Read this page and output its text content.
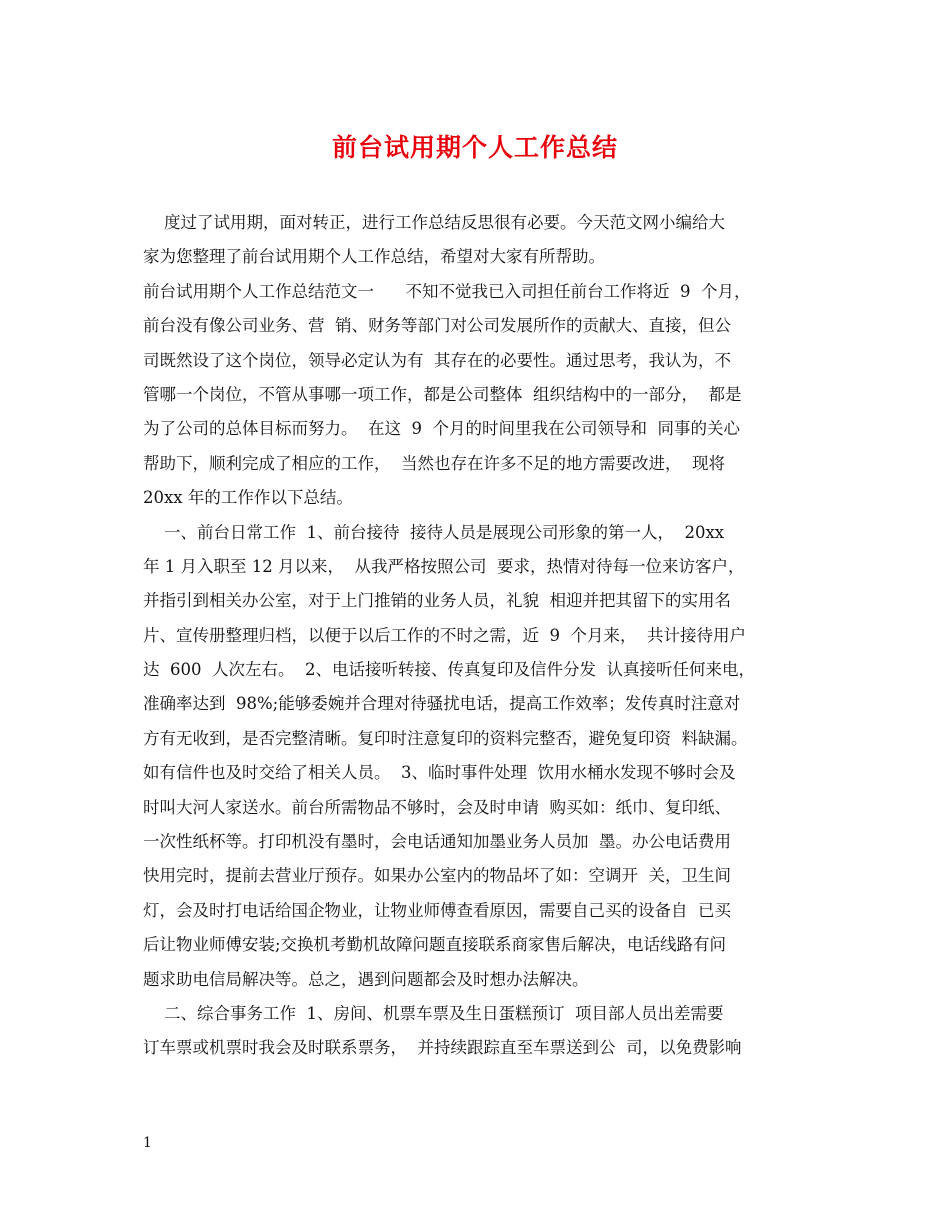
前台试用期个人工作总结
度过了试用期，面对转正，进行工作总结反思很有必要。今天范文网小编给大
家为您整理了前台试用期个人工作总结，希望对大家有所帮助。
前台试用期个人工作总结范文一      不知不觉我已入司担任前台工作将近  9  个月，
前台没有像公司业务、营  销、财务等部门对公司发展所作的贡献大、直接，但公
司既然设了这个岗位，领导必定认为有  其存在的必要性。通过思考，我认为，不
管哪一个岗位，不管从事哪一项工作，都是公司整体  组织结构中的一部分，  都是
为了公司的总体目标而努力。  在这  9  个月的时间里我在公司领导和  同事的关心
帮助下，顺利完成了相应的工作，  当然也存在许多不足的地方需要改进，  现将
20xx 年的工作作以下总结。
一、前台日常工作  1、前台接待  接待人员是展现公司形象的第一人，  20xx
年 1 月入职至 12 月以来，  从我严格按照公司  要求，热情对待每一位来访客户，
并指引到相关办公室，对于上门推销的业务人员，礼貌  相迎并把其留下的实用名
片、宣传册整理归档，以便于以后工作的不时之需，近  9  个月来，  共计接待用户
达  600  人次左右。  2、电话接听转接、传真复印及信件分发  认真接听任何来电，
准确率达到  98%;能够委婉并合理对待骚扰电话，提高工作效率；发传真时注意对
方有无收到，是否完整清晰。复印时注意复印的资料完整否，避免复印资  料缺漏。
如有信件也及时交给了相关人员。  3、临时事件处理  饮用水桶水发现不够时会及
时叫大河人家送水。前台所需物品不够时，会及时申请  购买如：纸巾、复印纸、
一次性纸杯等。打印机没有墨时，会电话通知加墨业务人员加  墨。办公电话费用
快用完时，提前去营业厅预存。如果办公室内的物品坏了如：空调开  关，卫生间
灯，会及时打电话给国企物业，让物业师傅查看原因，需要自己买的设备自  已买
后让物业师傅安装;交换机考勤机故障问题直接联系商家售后解决，电话线路有问
题求助电信局解决等。总之，遇到问题都会及时想办法解决。
二、综合事务工作  1、房间、机票车票及生日蛋糕预订  项目部人员出差需要
订车票或机票时我会及时联系票务，  并持续跟踪直至车票送到公  司，以免费影响
1
